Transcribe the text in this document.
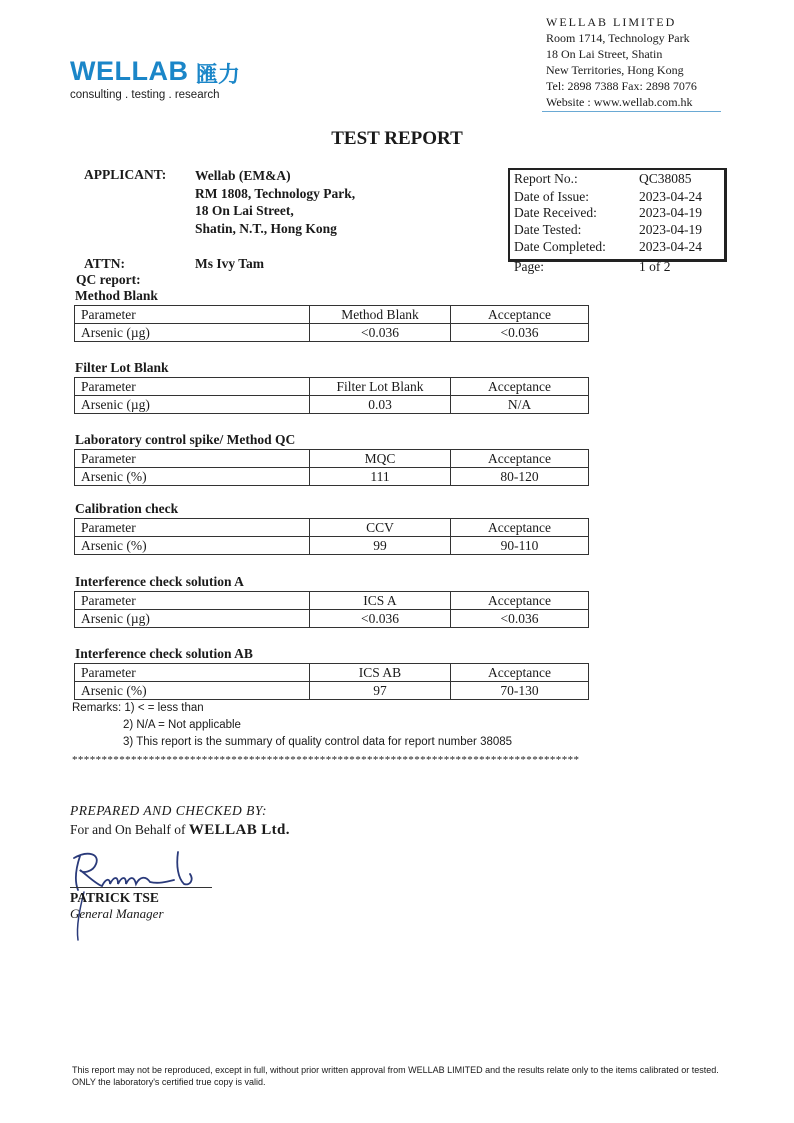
WELLAB 匯力
consulting . testing . research
WELLAB LIMITED
Room 1714, Technology Park
18 On Lai Street, Shatin
New Territories, Hong Kong
Tel: 2898 7388 Fax: 2898 7076
Website : www.wellab.com.hk
TEST REPORT
APPLICANT: Wellab (EM&A)
RM 1808, Technology Park,
18 On Lai Street,
Shatin, N.T., Hong Kong
ATTN:	Ms Ivy Tam
Report No.:	QC38085
Date of Issue:	2023-04-24
Date Received:	2023-04-19
Date Tested:	2023-04-19
Date Completed: 2023-04-24
Page:	1 of 2
QC report:
Method Blank
Parameter	Method Blank	Acceptance
Arsenic (µg)	<0.036	<0.036
Filter Lot Blank
Parameter	Filter Lot Blank	Acceptance
Arsenic (µg)	0.03	N/A
Laboratory control spike/ Method QC
Parameter	MQC	Acceptance
Arsenic (%)	111	80-120
Calibration check
Parameter	CCV	Acceptance
Arsenic (%)	99	90-110
Interference check solution A
Parameter	ICS A	Acceptance
Arsenic (µg)	<0.036	<0.036
Interference check solution AB
Parameter	ICS AB	Acceptance
Arsenic (%)	97	70-130
Remarks: 1) < = less than
2) N/A = Not applicable
3) This report is the summary of quality control data for report number 38085
**************************************************************************************
PREPARED AND CHECKED BY:
For and On Behalf of WELLAB Ltd.
PATRICK TSE
General Manager
This report may not be reproduced, except in full, without prior written approval from WELLAB LIMITED and the results relate only to the items calibrated or tested. ONLY the laboratory's certified true copy is valid.
